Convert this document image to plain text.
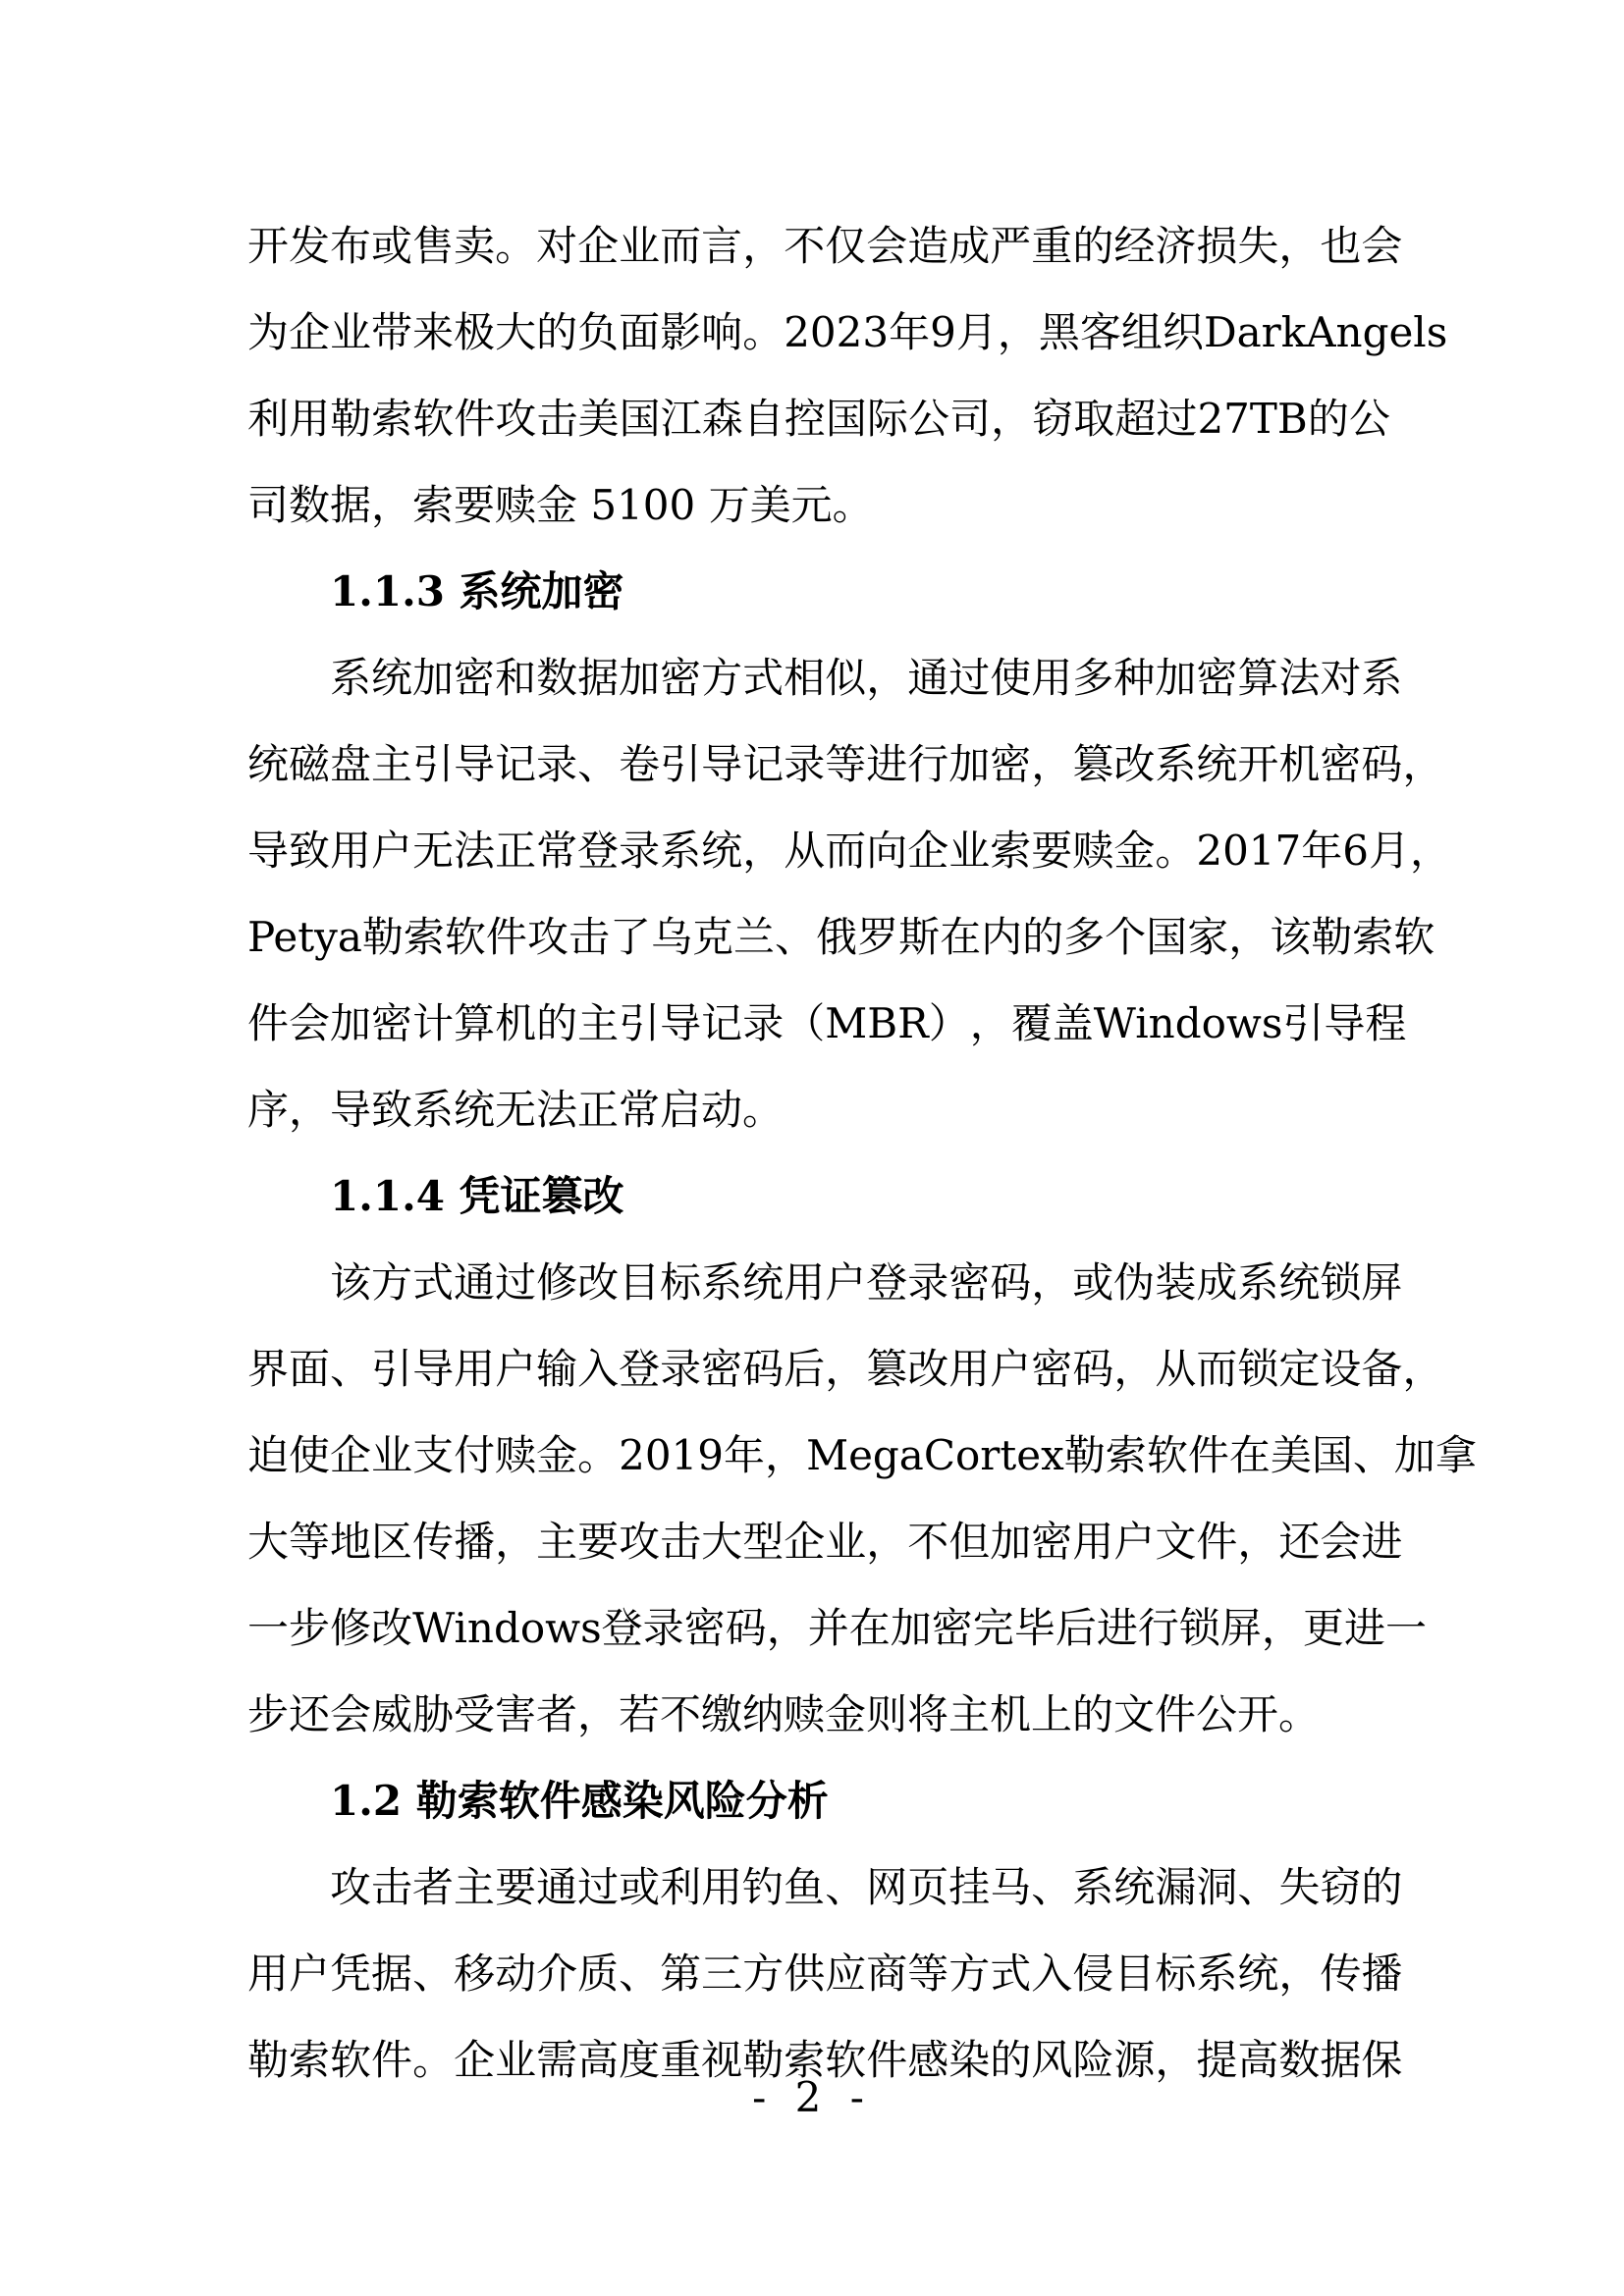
开 发 布 或 售 卖 。 对 企 业 而 言 ， 不 仅 会 造 成 严 重 的 经 济 损 失 ， 也 会
为 企 业 带 来 极 大 的 负 面 影 响 。 2023 年 9 月 ， 黑 客 组 织 Dark Angels
利 用 勒 索 软 件 攻 击 美 国 江 森 自 控 国 际 公 司 ， 窃 取 超 过 27TB 的 公
司数据，索要赎金 5100 万美元。
1.1.3 系统加密
系 统 加 密 和 数 据 加 密 方 式 相 似 ， 通 过 使 用 多 种 加 密 算 法 对 系
统 磁 盘 主 引 导 记 录 、 卷 引 导 记 录 等 进 行 加 密 ， 篡 改 系 统 开 机 密 码 ，
导 致 用 户 无 法 正 常 登 录 系 统 ， 从 而 向 企 业 索 要 赎 金 。 2017 年 6 月 ，
Petya 勒 索 软 件 攻 击 了 乌 克 兰 、 俄 罗 斯 在 内 的 多 个 国 家 ， 该 勒 索 软
件 会 加 密 计 算 机 的 主 引 导 记 录 （ MBR ） ， 覆 盖 Windows 引 导 程
序，导致系统无法正常启动。
1.1.4 凭证篡改
该 方 式 通 过 修 改 目 标 系 统 用 户 登 录 密 码 ， 或 伪 装 成 系 统 锁 屏
界 面 、 引 导 用 户 输 入 登 录 密 码 后 ， 篡 改 用 户 密 码 ， 从 而 锁 定 设 备 ，
迫 使 企 业 支 付 赎 金 。 2019 年 ， MegaCortex 勒 索 软 件 在 美 国 、 加 拿
大 等 地 区 传 播 ， 主 要 攻 击 大 型 企 业 ， 不 但 加 密 用 户 文 件 ， 还 会 进
一 步 修 改 Windows 登 录 密 码 ， 并 在 加 密 完 毕 后 进 行 锁 屏 ， 更 进 一
步还会威胁受害者，若不缴纳赎金则将主机上的文件公开。
1.2 勒索软件感染风险分析
攻 击 者 主 要 通 过 或 利 用 钓 鱼 、 网 页 挂 马 、 系 统 漏 洞 、 失 窃 的
用 户 凭 据 、 移 动 介 质 、 第 三 方 供 应 商 等 方 式 入 侵 目 标 系 统 ， 传 播
勒 索 软 件 。 企 业 需 高 度 重 视 勒 索 软 件 感 染 的 风 险 源 ， 提 高 数 据 保
- 2 -
